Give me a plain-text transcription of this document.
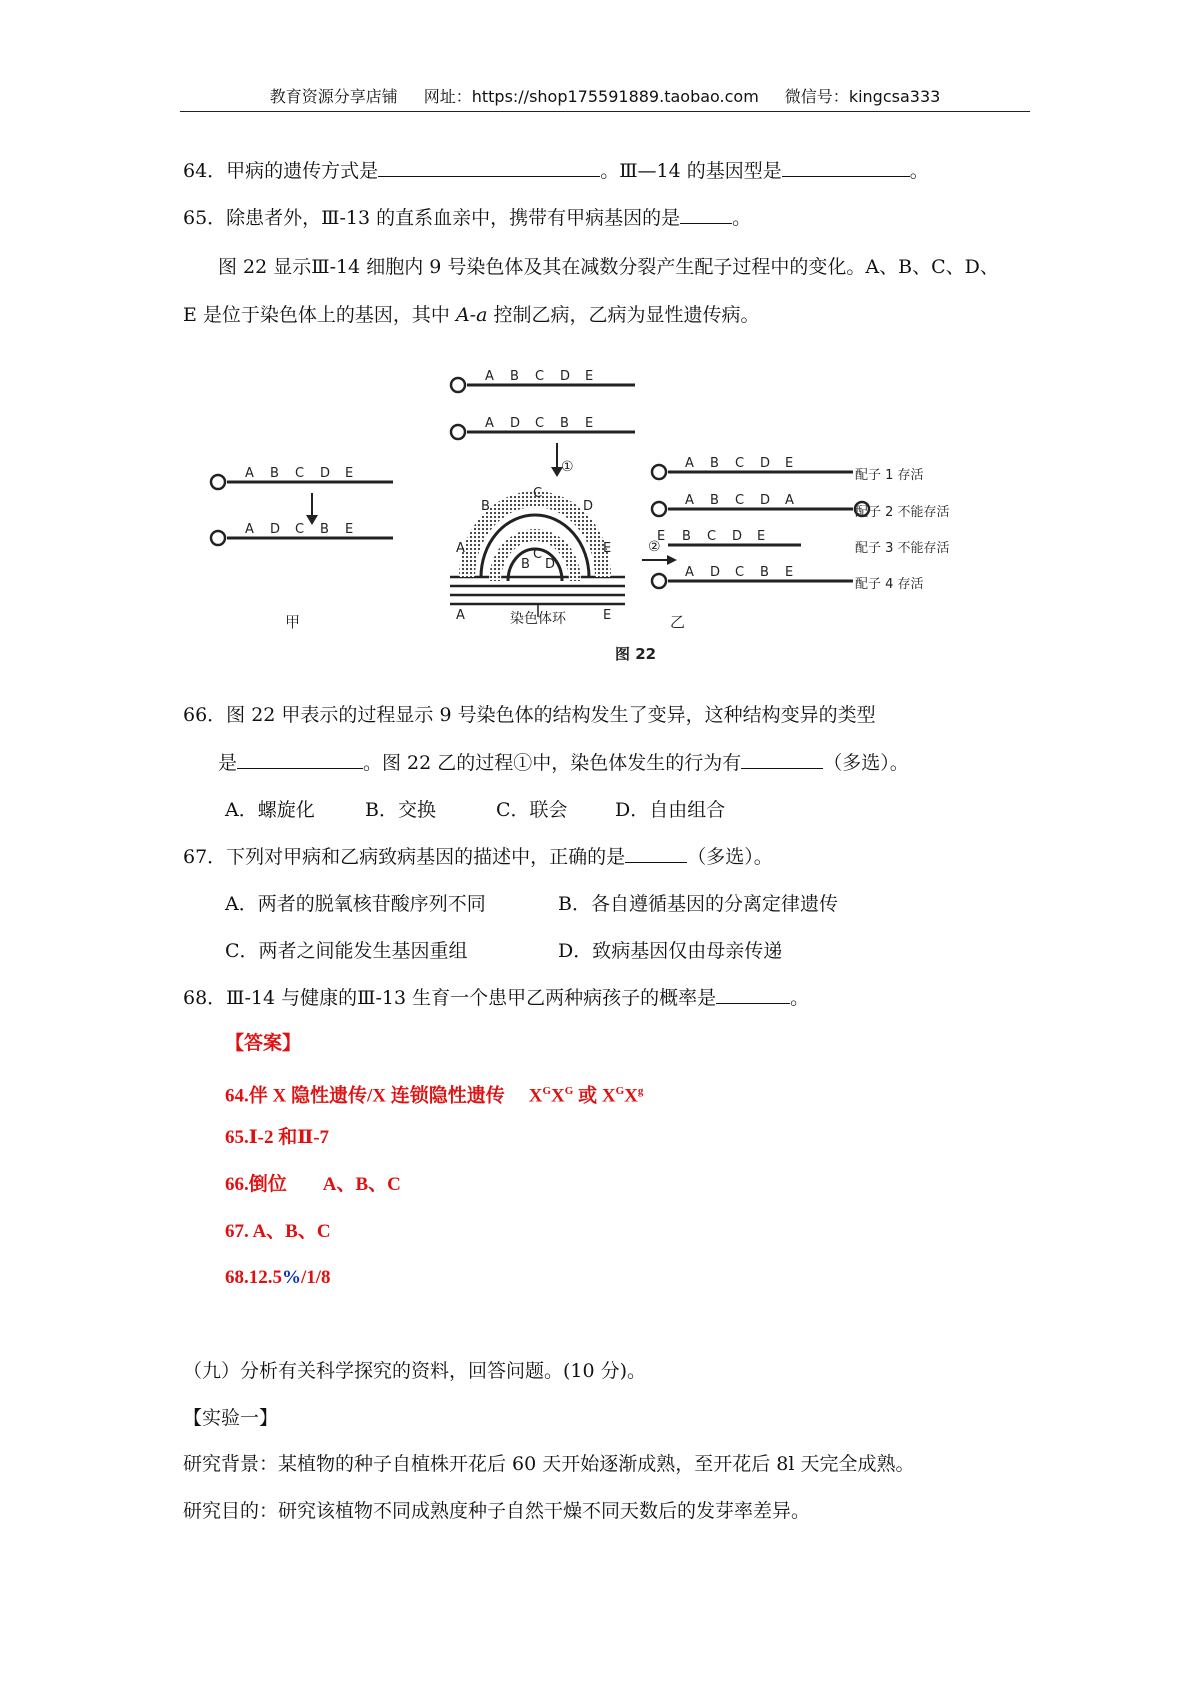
教育资源分享店铺 网址：https://shop175591889.taobao.com 微信号：kingcsa333
64．甲病的遗传方式是	。Ⅲ—14 的基因型是	。
65．除患者外，Ⅲ-13 的直系血亲中，携带有甲病基因的是	。
图 22 显示Ⅲ-14 细胞内 9 号染色体及其在减数分裂产生配子过程中的变化。A、B、C、D、
E 是位于染色体上的基因，其中 A-a 控制乙病，乙病为显性遗传病。
A B C D E
A D C B E
A B C D E
A D C B E
C
B	D
A	E
A	E
B
C
D
①
②
染色体环
甲	乙
图 22
A B C D E
配子 1 存活
A B C D A
配子 2 不能存活
E B C D E
配子 3 不能存活
A D C B E
配子 4 存活
66．图 22 甲表示的过程显示 9 号染色体的结构发生了变异，这种结构变异的类型
是	。图 22 乙的过程①中，染色体发生的行为有	（多选）。
A．螺旋化	B．交换	C．联会 D．自由组合
67．下列对甲病和乙病致病基因的描述中，正确的是	（多选）。
A．两者的脱氧核苷酸序列不同	B．各自遵循基因的分离定律遗传
C．两者之间能发生基因重组	D．致病基因仅由母亲传递
68．Ⅲ-14 与健康的Ⅲ-13 生育一个患甲乙两种病孩子的概率是	。
【答案】
64.伴 X 隐性遗传/X 连锁隐性遗传 $X^GX^G$ 或 $X^GX^g$
65.Ⅰ-2 和Ⅱ-7
66.倒位 A、B、C
67. A、B、C
68.12.5%/1/8
（九）分析有关科学探究的资料，回答问题。(10 分)。
【实验一】
研究背景：某植物的种子自植株开花后 60 天开始逐渐成熟，至开花后 8l 天完全成熟。
研究目的：研究该植物不同成熟度种子自然干燥不同天数后的发芽率差异。
